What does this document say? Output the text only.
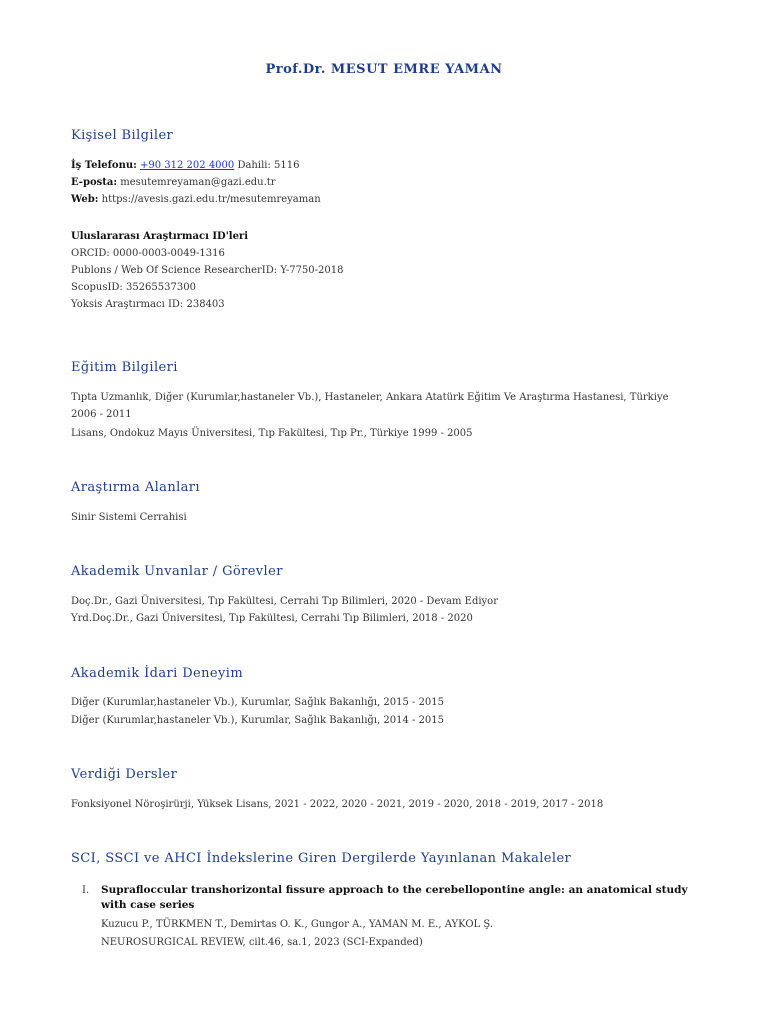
Prof.Dr. MESUT EMRE YAMAN
Kişisel Bilgiler
İş Telefonu: +90 312 202 4000 Dahili: 5116
E-posta: mesutemreyaman@gazi.edu.tr
Web: https://avesis.gazi.edu.tr/mesutemreyaman
Uluslararası Araştırmacı ID'leri
ORCID: 0000-0003-0049-1316
Publons / Web Of Science ResearcherID: Y-7750-2018
ScopusID: 35265537300
Yoksis Araştırmacı ID: 238403
Eğitim Bilgileri
Tıpta Uzmanlık, Diğer (Kurumlar,hastaneler Vb.), Hastaneler, Ankara Atatürk Eğitim Ve Araştırma Hastanesi, Türkiye
2006 - 2011
Lisans, Ondokuz Mayıs Üniversitesi, Tıp Fakültesi, Tıp Pr., Türkiye 1999 - 2005
Araştırma Alanları
Sinir Sistemi Cerrahisi
Akademik Unvanlar / Görevler
Doç.Dr., Gazi Üniversitesi, Tıp Fakültesi, Cerrahi Tıp Bilimleri, 2020 - Devam Ediyor
Yrd.Doç.Dr., Gazi Üniversitesi, Tıp Fakültesi, Cerrahi Tıp Bilimleri, 2018 - 2020
Akademik İdari Deneyim
Diğer (Kurumlar,hastaneler Vb.), Kurumlar, Sağlık Bakanlığı, 2015 - 2015
Diğer (Kurumlar,hastaneler Vb.), Kurumlar, Sağlık Bakanlığı, 2014 - 2015
Verdiği Dersler
Fonksiyonel Nöroşirürji, Yüksek Lisans, 2021 - 2022, 2020 - 2021, 2019 - 2020, 2018 - 2019, 2017 - 2018
SCI, SSCI ve AHCI İndekslerine Giren Dergilerde Yayınlanan Makaleler
I. Suprafloccular transhorizontal fissure approach to the cerebellopontine angle: an anatomical study with case series
Kuzucu P., TÜRKMEN T., Demirtas O. K., Gungor A., YAMAN M. E., AYKOL Ş.
NEUROSURGICAL REVIEW, cilt.46, sa.1, 2023 (SCI-Expanded)
